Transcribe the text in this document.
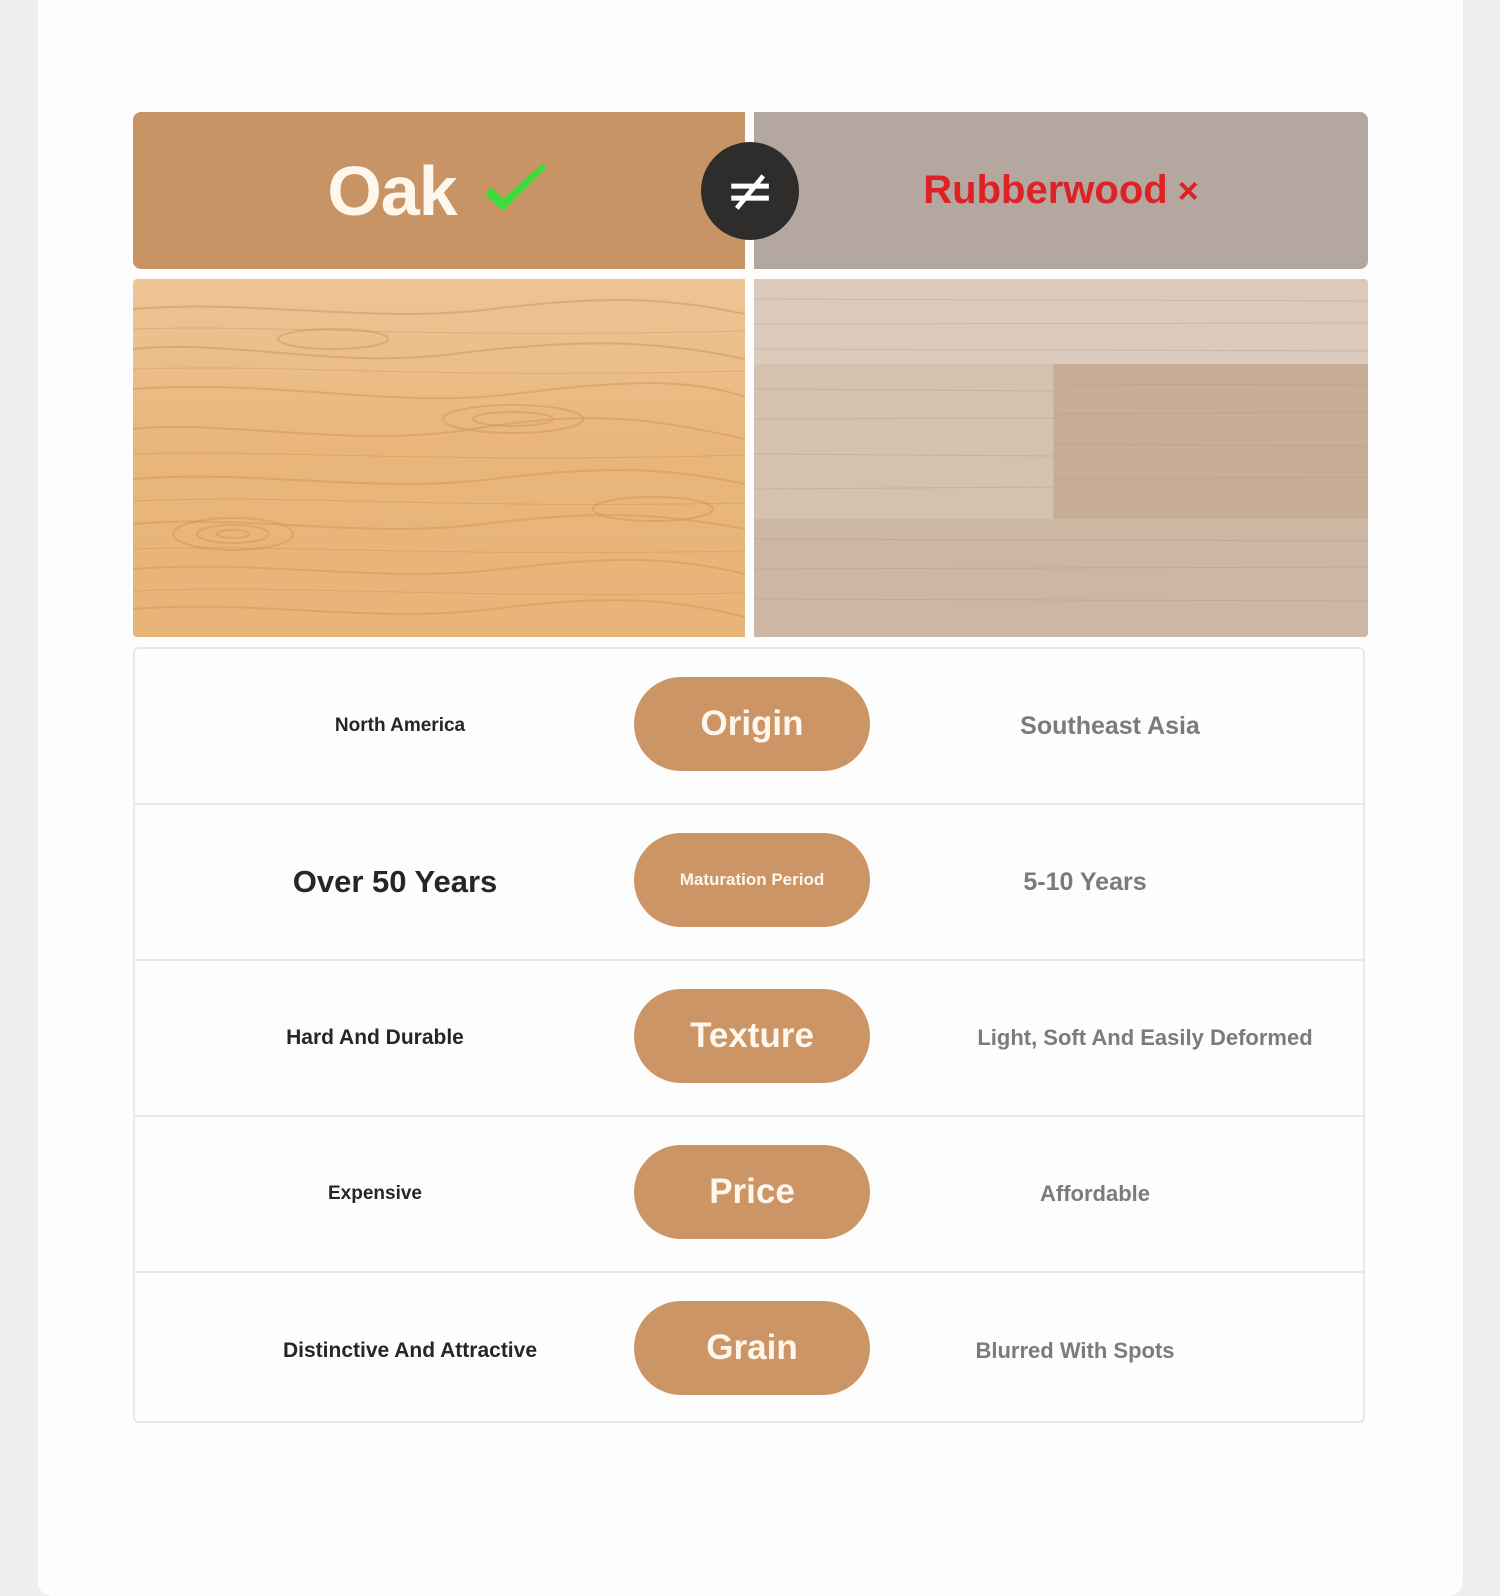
Oak	Rubberwood ×
≠
North America	Origin	Southeast Asia
Over 50 Years	Maturation Period	5-10 Years
Hard And Durable	Texture	Light, Soft And Easily Deformed
Expensive	Price	Affordable
Distinctive And Attractive	Grain	Blurred With Spots
